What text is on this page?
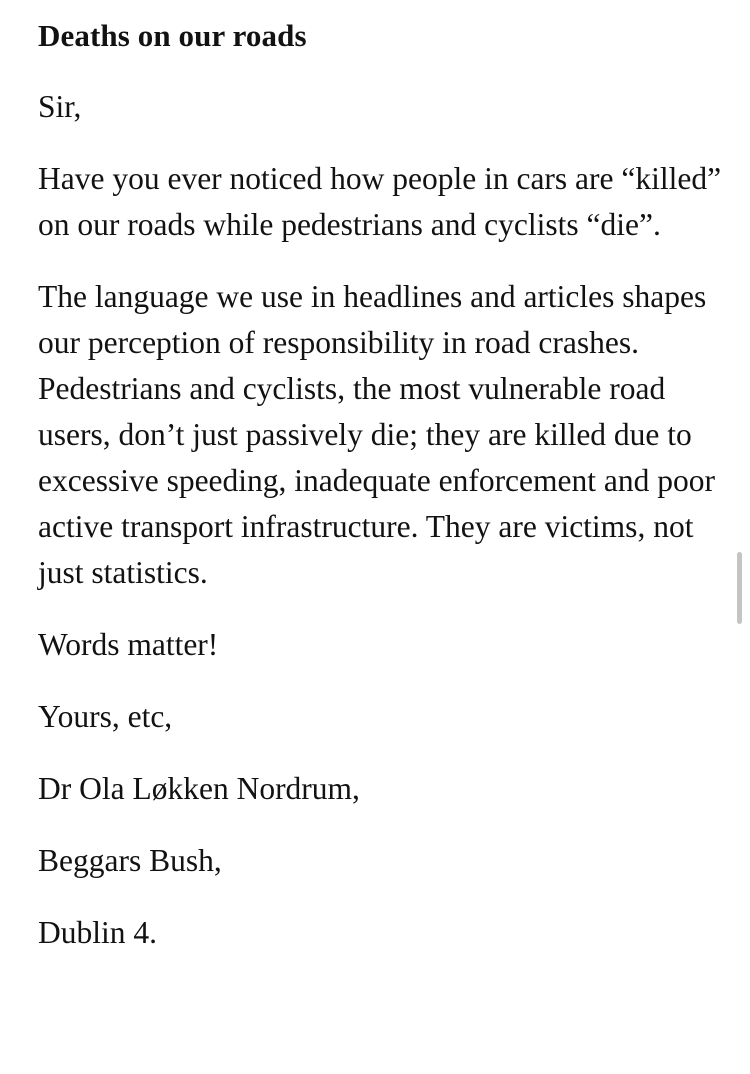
Deaths on our roads

Sir,

Have you ever noticed how people in cars are “killed” on our roads while pedestrians and cyclists “die”.

The language we use in headlines and articles shapes our perception of responsibility in road crashes. Pedestrians and cyclists, the most vulnerable road users, don’t just passively die; they are killed due to excessive speeding, inadequate enforcement and poor active transport infrastructure. They are victims, not just statistics.

Words matter!

Yours, etc,

Dr Ola Løkken Nordrum,

Beggars Bush,

Dublin 4.
